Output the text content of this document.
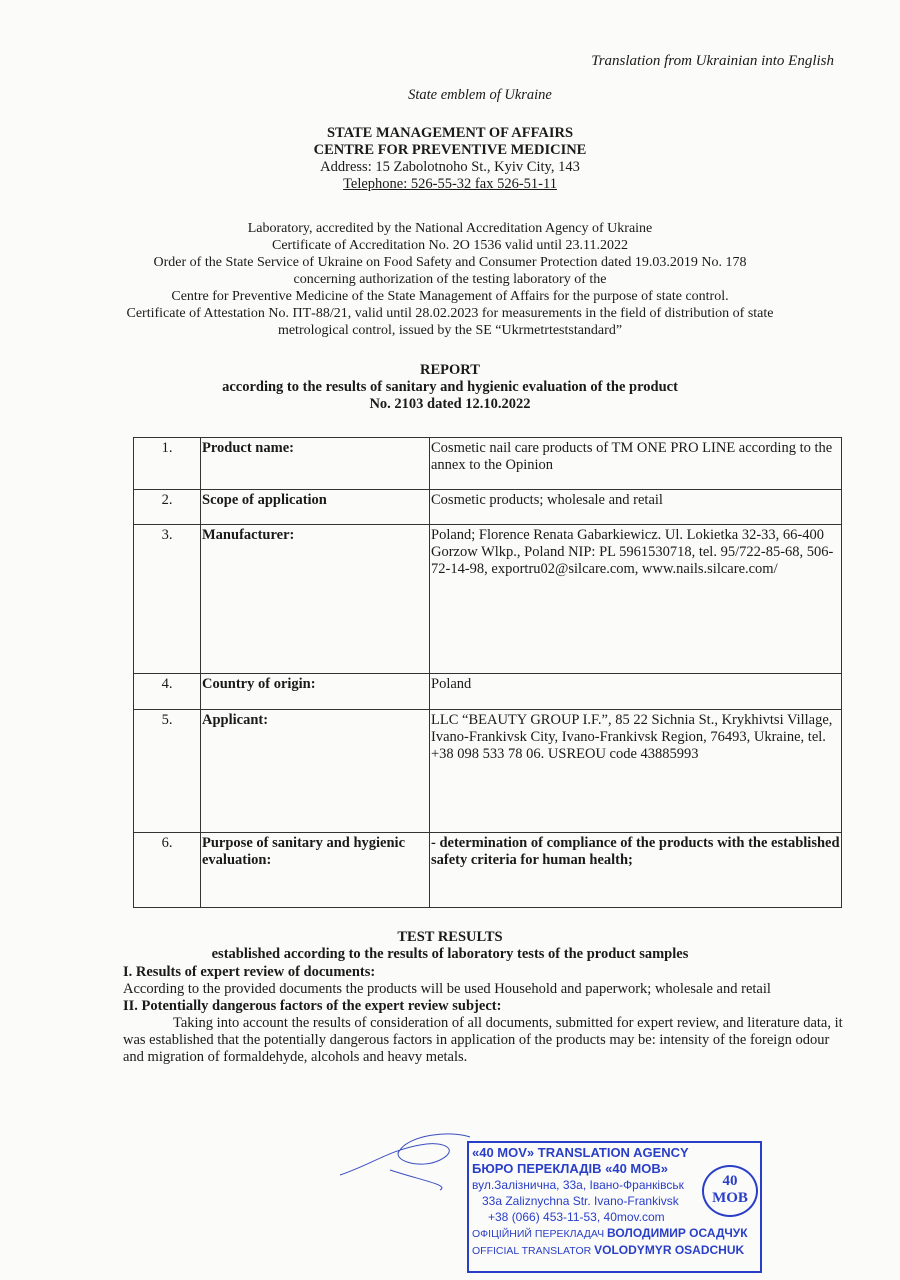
Translation from Ukrainian into English
State emblem of Ukraine
STATE MANAGEMENT OF AFFAIRS
CENTRE FOR PREVENTIVE MEDICINE
Address: 15 Zabolotnoho St., Kyiv City, 143
Telephone: 526-55-32 fax 526-51-11
Laboratory, accredited by the National Accreditation Agency of Ukraine
Certificate of Accreditation No. 2O 1536 valid until 23.11.2022
Order of the State Service of Ukraine on Food Safety and Consumer Protection dated 19.03.2019 No. 178
concerning authorization of the testing laboratory of the
Centre for Preventive Medicine of the State Management of Affairs for the purpose of state control.
Certificate of Attestation No. ПТ-88/21, valid until 28.02.2023 for measurements in the field of distribution of state
metrological control, issued by the SE “Ukrmetrteststandard”
REPORT
according to the results of sanitary and hygienic evaluation of the product
No. 2103 dated 12.10.2022
1.	Product name:	Cosmetic nail care products of TM ONE PRO LINE according to the annex to the Opinion
2.	Scope of application	Cosmetic products; wholesale and retail
3.	Manufacturer:	Poland; Florence Renata Gabarkiewicz. Ul. Lokietka 32-33, 66-400 Gorzow Wlkp., Poland NIP: PL 5961530718, tel. 95/722-85-68, 506-72-14-98, exportru02@silcare.com, www.nails.silcare.com/
4.	Country of origin:	Poland
5.	Applicant:	LLC “BEAUTY GROUP I.F.”, 85 22 Sichnia St., Krykhivtsi Village, Ivano-Frankivsk City, Ivano-Frankivsk Region, 76493, Ukraine, tel. +38 098 533 78 06. USREOU code 43885993
6.	Purpose of sanitary and hygienic evaluation:	- determination of compliance of the products with the established safety criteria for human health;
TEST RESULTS
established according to the results of laboratory tests of the product samples
I. Results of expert review of documents:
According to the provided documents the products will be used Household and paperwork; wholesale and retail
II. Potentially dangerous factors of the expert review subject:
Taking into account the results of consideration of all documents, submitted for expert review, and literature data, it was established that the potentially dangerous factors in application of the products may be: intensity of the foreign odour and migration of formaldehyde, alcohols and heavy metals.
«40 MOV» TRANSLATION AGENCY
БЮРО ПЕРЕКЛАДІВ «40 МОВ»
вул.Залізнична, 33а, Івано-Франківськ
33a Zaliznychna Str. Ivano-Frankivsk
+38 (066) 453-11-53, 40mov.com
ОФІЦІЙНИЙ ПЕРЕКЛАДАЧ ВОЛОДИМИР ОСАДЧУК
OFFICIAL TRANSLATOR VOLODYMYR OSADCHUK
40
МОВ
